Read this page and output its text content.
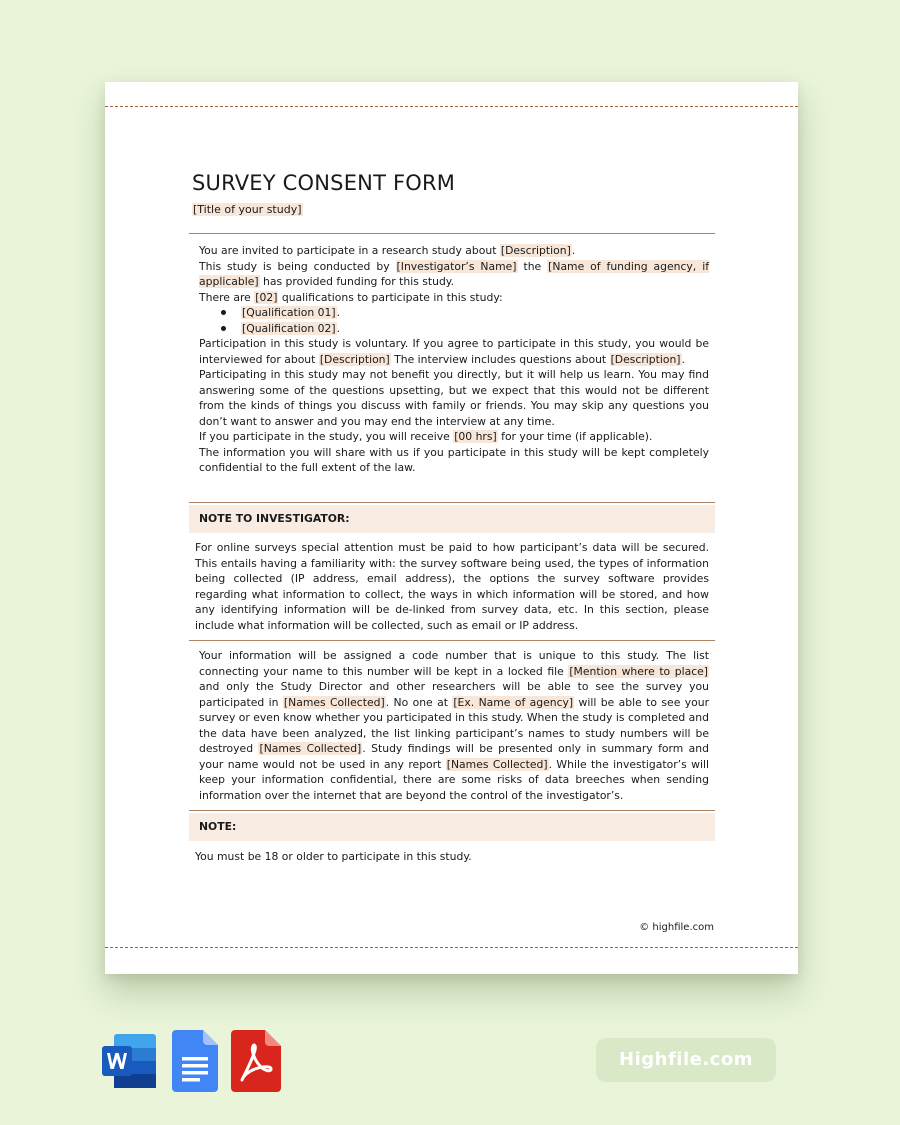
SURVEY CONSENT FORM
[Title of your study]

You are invited to participate in a research study about [Description].

This study is being conducted by [Investigator’s Name] the [Name of funding agency, if applicable] has provided funding for this study.

There are [02] qualifications to participate in this study:

[Qualification 01].
[Qualification 02].

Participation in this study is voluntary. If you agree to participate in this study, you would be interviewed for about [Description] The interview includes questions about [Description].

Participating in this study may not benefit you directly, but it will help us learn. You may find answering some of the questions upsetting, but we expect that this would not be different from the kinds of things you discuss with family or friends. You may skip any questions you don’t want to answer and you may end the interview at any time.

If you participate in the study, you will receive [00 hrs] for your time (if applicable).

The information you will share with us if you participate in this study will be kept completely confidential to the full extent of the law.

NOTE TO INVESTIGATOR:
For online surveys special attention must be paid to how participant’s data will be secured. This entails having a familiarity with: the survey software being used, the types of information being collected (IP address, email address), the options the survey software provides regarding what information to collect, the ways in which information will be stored, and how any identifying information will be de-linked from survey data, etc. In this section, please include what information will be collected, such as email or IP address.

Your information will be assigned a code number that is unique to this study. The list connecting your name to this number will be kept in a locked file [Mention where to place] and only the Study Director and other researchers will be able to see the survey you participated in [Names Collected]. No one at [Ex. Name of agency] will be able to see your survey or even know whether you participated in this study. When the study is completed and the data have been analyzed, the list linking participant’s names to study numbers will be destroyed [Names Collected]. Study findings will be presented only in summary form and your name would not be used in any report [Names Collected]. While the investigator’s will keep your information confidential, there are some risks of data breeches when sending information over the internet that are beyond the control of the investigator’s.

NOTE:
You must be 18 or older to participate in this study.
© highfile.com
Highfile.com
